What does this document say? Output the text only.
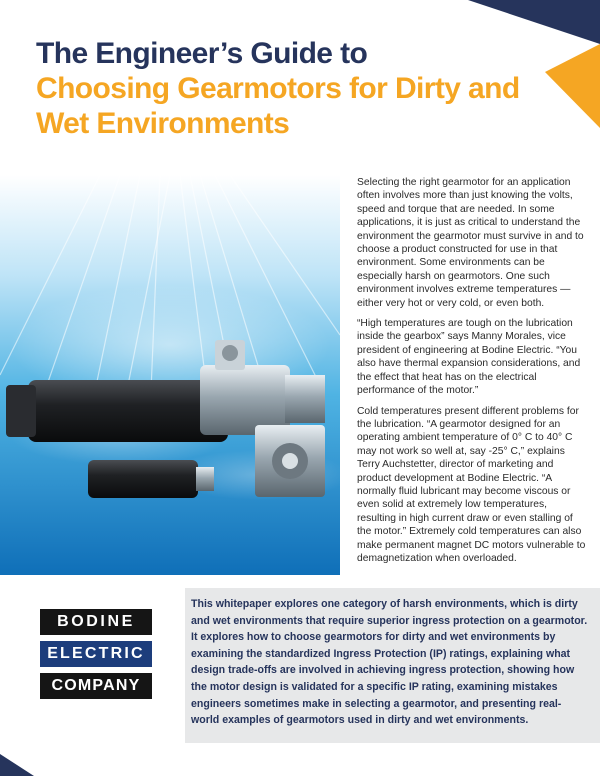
The Engineer’s Guide to
Choosing Gearmotors for Dirty and
Wet Environments

Selecting the right gearmotor for an application often involves more than just knowing the volts, speed and torque that are needed. In some applications, it is just as critical to understand the environment the gearmotor must survive in and to choose a product constructed for use in that environment. Some environments can be especially harsh on gearmotors. One such environment involves extreme temperatures — either very hot or very cold, or even both.

“High temperatures are tough on the lubrication inside the gearbox” says Manny Morales, vice president of engineering at Bodine Electric. “You also have thermal expansion considerations, and the effect that heat has on the electrical performance of the motor.”

Cold temperatures present different problems for the lubrication. “A gearmotor designed for an operating ambient temperature of 0° C to 40° C may not work so well at, say -25° C,” explains Terry Auchstetter, director of marketing and product development at Bodine Electric. “A normally fluid lubricant may become viscous or even solid at extremely low temperatures, resulting in high current draw or even stalling of the motor.” Extremely cold temperatures can also make permanent magnet DC motors vulnerable to demagnetization when overloaded.

BODINE
ELECTRIC
COMPANY

This whitepaper explores one category of harsh environments, which is dirty and wet environments that require superior ingress protection on a gearmotor. It explores how to choose gearmotors for dirty and wet environments by examining the standardized Ingress Protection (IP) ratings, explaining what design trade-offs are involved in achieving ingress protection, showing how the motor design is validated for a specific IP rating, examining mistakes engineers sometimes make in selecting a gearmotor, and presenting real-world examples of gearmotors used in dirty and wet environments.
